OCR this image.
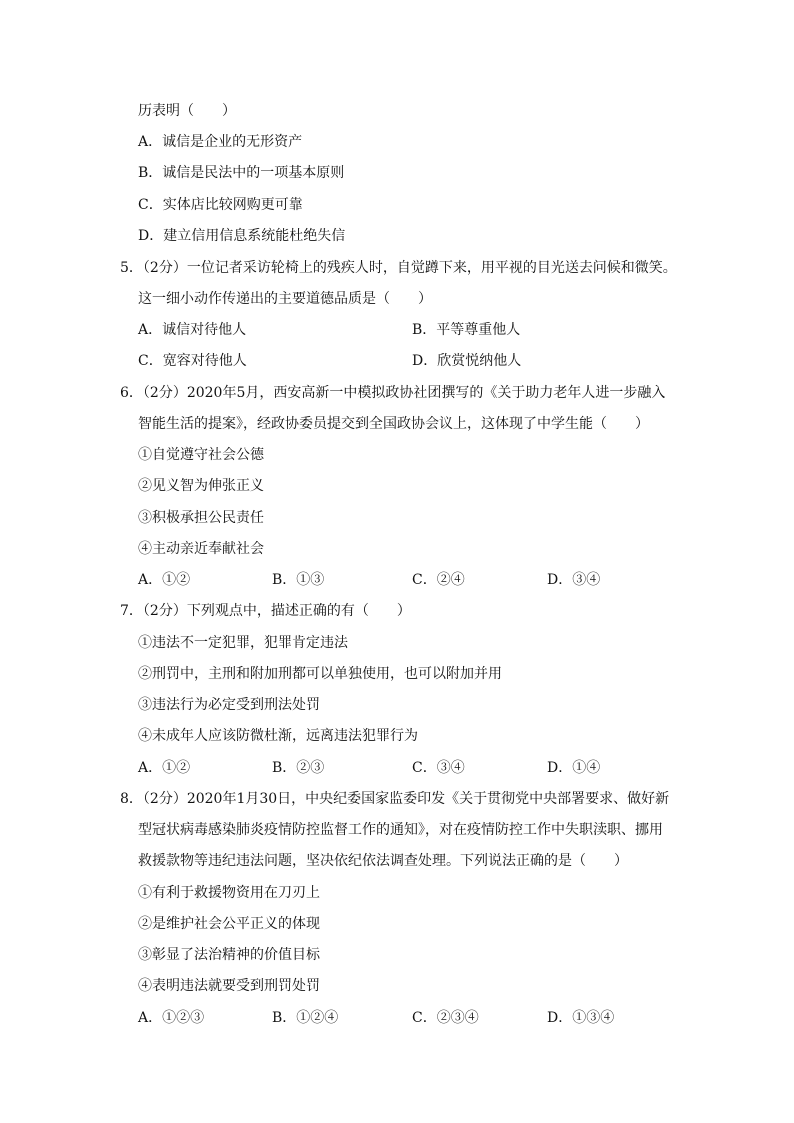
历表明（　　）
A．诚信是企业的无形资产
B．诚信是民法中的一项基本原则
C．实体店比较网购更可靠
D．建立信用信息系统能杜绝失信
5．（2分）一位记者采访轮椅上的残疾人时，自觉蹲下来，用平视的目光送去问候和微笑。
这一细小动作传递出的主要道德品质是（　　）
A．诚信对待他人	B．平等尊重他人
C．宽容对待他人	D．欣赏悦纳他人
6．（2分）2020年5月，西安高新一中模拟政协社团撰写的《关于助力老年人进一步融入
智能生活的提案》，经政协委员提交到全国政协会议上，这体现了中学生能（　　）
①自觉遵守社会公德
②见义智为伸张正义
③积极承担公民责任
④主动亲近奉献社会
A．①②	B．①③	C．②④	D．③④
7．（2分）下列观点中，描述正确的有（　　）
①违法不一定犯罪，犯罪肯定违法
②刑罚中，主刑和附加刑都可以单独使用，也可以附加并用
③违法行为必定受到刑法处罚
④未成年人应该防微杜渐，远离违法犯罪行为
A．①②	B．②③	C．③④	D．①④
8．（2分）2020年1月30日，中央纪委国家监委印发《关于贯彻党中央部署要求、做好新
型冠状病毒感染肺炎疫情防控监督工作的通知》，对在疫情防控工作中失职渎职、挪用
救援款物等违纪违法问题，坚决依纪依法调查处理。下列说法正确的是（　　）
①有利于救援物资用在刀刃上
②是维护社会公平正义的体现
③彰显了法治精神的价值目标
④表明违法就要受到刑罚处罚
A．①②③	B．①②④	C．②③④	D．①③④
